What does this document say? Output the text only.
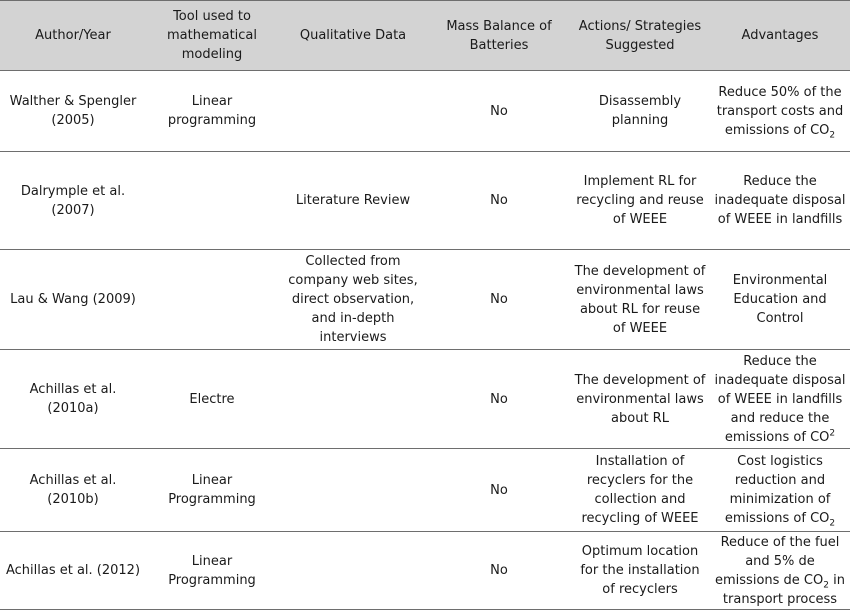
Author/Year	Tool used to mathematical modeling	Qualitative Data	Mass Balance of Batteries	Actions/ Strategies Suggested	Advantages
Walther & Spengler (2005)	Linear programming		No	Disassembly planning	Reduce 50% of the transport costs and emissions of $CO_2$
Dalrymple et al. (2007)		Literature Review	No	Implement RL for recycling and reuse of WEEE	Reduce the inadequate disposal of WEEE in landfills
Lau & Wang (2009)		Collected from company web sites, direct observation, and in-depth interviews	No	The development of environmental laws about RL for reuse of WEEE	Environmental Education and Control
Achillas et al. (2010a)	Electre		No	The development of environmental laws about RL	Reduce the inadequate disposal of WEEE in landfills and reduce the emissions of $CO^2$
Achillas et al. (2010b)	Linear Programming		No	Installation of recyclers for the collection and recycling of WEEE	Cost logistics reduction and minimization of emissions of $CO_2$
Achillas et al. (2012)	Linear Programming		No	Optimum location for the installation of recyclers	Reduce of the fuel and 5% de emissions de $CO_2$ in transport process
